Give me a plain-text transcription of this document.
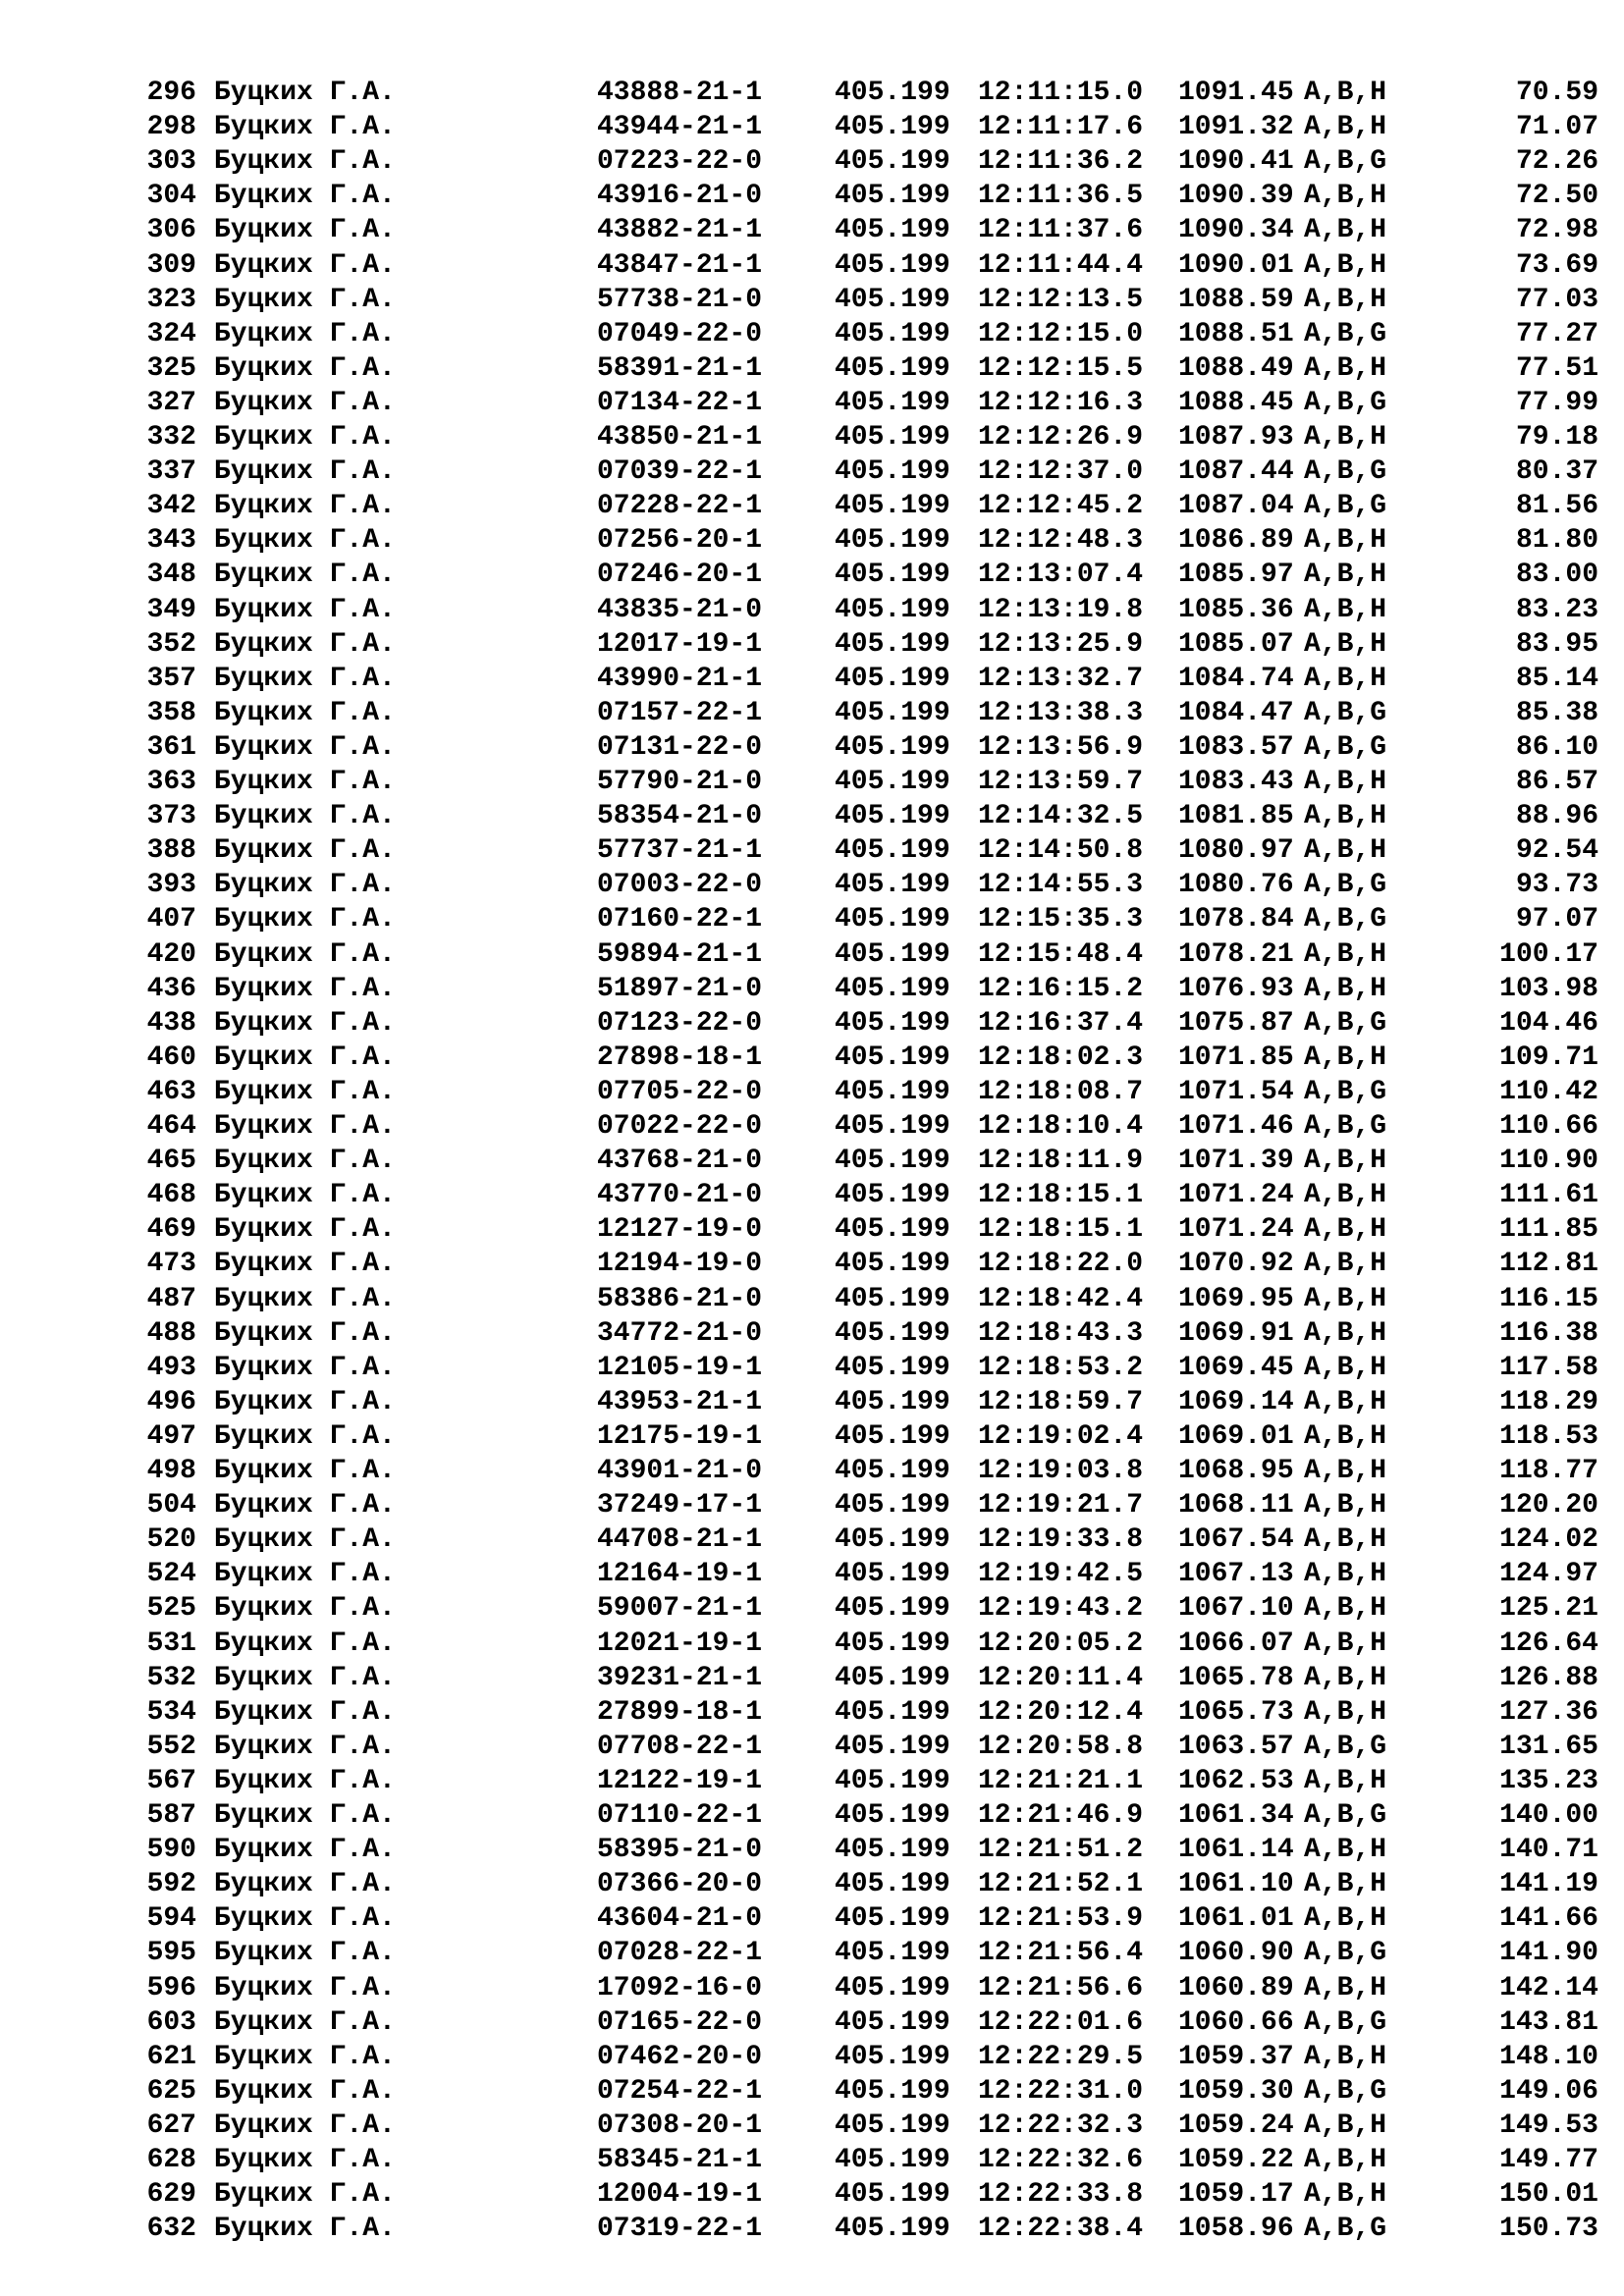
296 Буцких Г.А.	43888-21-1	405.199 12:11:15.0 1091.45 A,B,H	70.59
298 Буцких Г.А.	43944-21-1	405.199 12:11:17.6 1091.32 A,B,H	71.07
303 Буцких Г.А.	07223-22-0	405.199 12:11:36.2 1090.41 A,B,G	72.26
304 Буцких Г.А.	43916-21-0	405.199 12:11:36.5 1090.39 A,B,H	72.50
306 Буцких Г.А.	43882-21-1	405.199 12:11:37.6 1090.34 A,B,H	72.98
309 Буцких Г.А.	43847-21-1	405.199 12:11:44.4 1090.01 A,B,H	73.69
323 Буцких Г.А.	57738-21-0	405.199 12:12:13.5 1088.59 A,B,H	77.03
324 Буцких Г.А.	07049-22-0	405.199 12:12:15.0 1088.51 A,B,G	77.27
325 Буцких Г.А.	58391-21-1	405.199 12:12:15.5 1088.49 A,B,H	77.51
327 Буцких Г.А.	07134-22-1	405.199 12:12:16.3 1088.45 A,B,G	77.99
332 Буцких Г.А.	43850-21-1	405.199 12:12:26.9 1087.93 A,B,H	79.18
337 Буцких Г.А.	07039-22-1	405.199 12:12:37.0 1087.44 A,B,G	80.37
342 Буцких Г.А.	07228-22-1	405.199 12:12:45.2 1087.04 A,B,G	81.56
343 Буцких Г.А.	07256-20-1	405.199 12:12:48.3 1086.89 A,B,H	81.80
348 Буцких Г.А.	07246-20-1	405.199 12:13:07.4 1085.97 A,B,H	83.00
349 Буцких Г.А.	43835-21-0	405.199 12:13:19.8 1085.36 A,B,H	83.23
352 Буцких Г.А.	12017-19-1	405.199 12:13:25.9 1085.07 A,B,H	83.95
357 Буцких Г.А.	43990-21-1	405.199 12:13:32.7 1084.74 A,B,H	85.14
358 Буцких Г.А.	07157-22-1	405.199 12:13:38.3 1084.47 A,B,G	85.38
361 Буцких Г.А.	07131-22-0	405.199 12:13:56.9 1083.57 A,B,G	86.10
363 Буцких Г.А.	57790-21-0	405.199 12:13:59.7 1083.43 A,B,H	86.57
373 Буцких Г.А.	58354-21-0	405.199 12:14:32.5 1081.85 A,B,H	88.96
388 Буцких Г.А.	57737-21-1	405.199 12:14:50.8 1080.97 A,B,H	92.54
393 Буцких Г.А.	07003-22-0	405.199 12:14:55.3 1080.76 A,B,G	93.73
407 Буцких Г.А.	07160-22-1	405.199 12:15:35.3 1078.84 A,B,G	97.07
420 Буцких Г.А.	59894-21-1	405.199 12:15:48.4 1078.21 A,B,H	100.17
436 Буцких Г.А.	51897-21-0	405.199 12:16:15.2 1076.93 A,B,H	103.98
438 Буцких Г.А.	07123-22-0	405.199 12:16:37.4 1075.87 A,B,G	104.46
460 Буцких Г.А.	27898-18-1	405.199 12:18:02.3 1071.85 A,B,H	109.71
463 Буцких Г.А.	07705-22-0	405.199 12:18:08.7 1071.54 A,B,G	110.42
464 Буцких Г.А.	07022-22-0	405.199 12:18:10.4 1071.46 A,B,G	110.66
465 Буцких Г.А.	43768-21-0	405.199 12:18:11.9 1071.39 A,B,H	110.90
468 Буцких Г.А.	43770-21-0	405.199 12:18:15.1 1071.24 A,B,H	111.61
469 Буцких Г.А.	12127-19-0	405.199 12:18:15.1 1071.24 A,B,H	111.85
473 Буцких Г.А.	12194-19-0	405.199 12:18:22.0 1070.92 A,B,H	112.81
487 Буцких Г.А.	58386-21-0	405.199 12:18:42.4 1069.95 A,B,H	116.15
488 Буцких Г.А.	34772-21-0	405.199 12:18:43.3 1069.91 A,B,H	116.38
493 Буцких Г.А.	12105-19-1	405.199 12:18:53.2 1069.45 A,B,H	117.58
496 Буцких Г.А.	43953-21-1	405.199 12:18:59.7 1069.14 A,B,H	118.29
497 Буцких Г.А.	12175-19-1	405.199 12:19:02.4 1069.01 A,B,H	118.53
498 Буцких Г.А.	43901-21-0	405.199 12:19:03.8 1068.95 A,B,H	118.77
504 Буцких Г.А.	37249-17-1	405.199 12:19:21.7 1068.11 A,B,H	120.20
520 Буцких Г.А.	44708-21-1	405.199 12:19:33.8 1067.54 A,B,H	124.02
524 Буцких Г.А.	12164-19-1	405.199 12:19:42.5 1067.13 A,B,H	124.97
525 Буцких Г.А.	59007-21-1	405.199 12:19:43.2 1067.10 A,B,H	125.21
531 Буцких Г.А.	12021-19-1	405.199 12:20:05.2 1066.07 A,B,H	126.64
532 Буцких Г.А.	39231-21-1	405.199 12:20:11.4 1065.78 A,B,H	126.88
534 Буцких Г.А.	27899-18-1	405.199 12:20:12.4 1065.73 A,B,H	127.36
552 Буцких Г.А.	07708-22-1	405.199 12:20:58.8 1063.57 A,B,G	131.65
567 Буцких Г.А.	12122-19-1	405.199 12:21:21.1 1062.53 A,B,H	135.23
587 Буцких Г.А.	07110-22-1	405.199 12:21:46.9 1061.34 A,B,G	140.00
590 Буцких Г.А.	58395-21-0	405.199 12:21:51.2 1061.14 A,B,H	140.71
592 Буцких Г.А.	07366-20-0	405.199 12:21:52.1 1061.10 A,B,H	141.19
594 Буцких Г.А.	43604-21-0	405.199 12:21:53.9 1061.01 A,B,H	141.66
595 Буцких Г.А.	07028-22-1	405.199 12:21:56.4 1060.90 A,B,G	141.90
596 Буцких Г.А.	17092-16-0	405.199 12:21:56.6 1060.89 A,B,H	142.14
603 Буцких Г.А.	07165-22-0	405.199 12:22:01.6 1060.66 A,B,G	143.81
621 Буцких Г.А.	07462-20-0	405.199 12:22:29.5 1059.37 A,B,H	148.10
625 Буцких Г.А.	07254-22-1	405.199 12:22:31.0 1059.30 A,B,G	149.06
627 Буцких Г.А.	07308-20-1	405.199 12:22:32.3 1059.24 A,B,H	149.53
628 Буцких Г.А.	58345-21-1	405.199 12:22:32.6 1059.22 A,B,H	149.77
629 Буцких Г.А.	12004-19-1	405.199 12:22:33.8 1059.17 A,B,H	150.01
632 Буцких Г.А.	07319-22-1	405.199 12:22:38.4 1058.96 A,B,G	150.73
